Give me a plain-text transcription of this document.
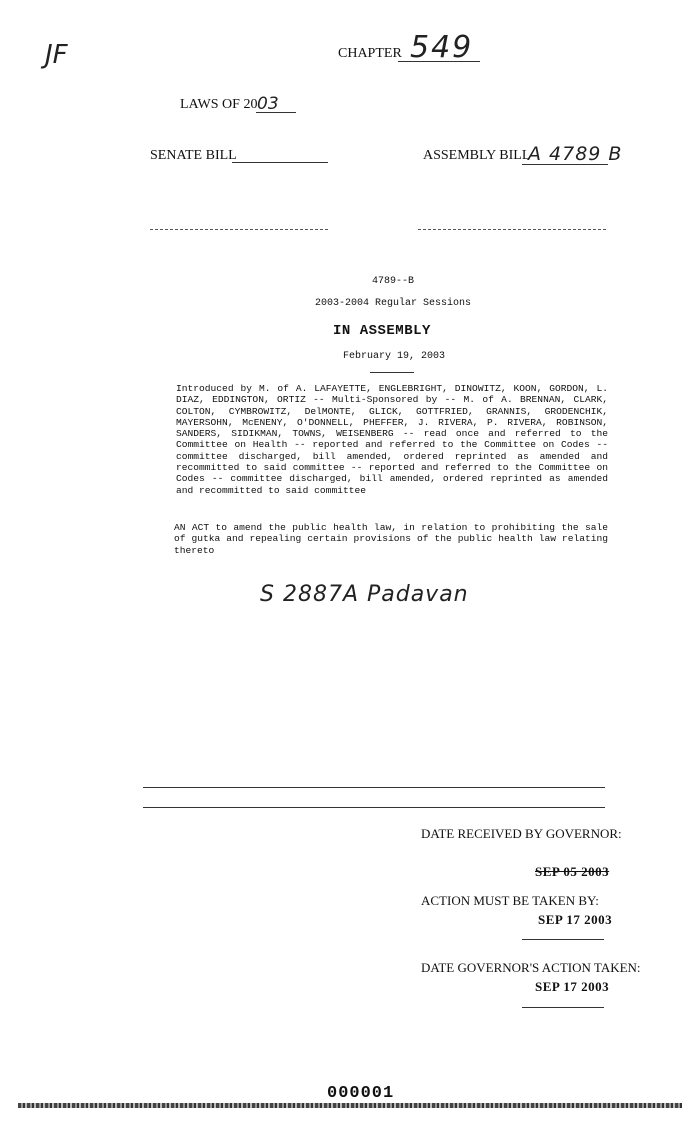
JF	CHAPTER 549
LAWS OF 20 03
SENATE BILL	ASSEMBLY BILL
A 4789 B
4789--B
2003-2004 Regular Sessions
IN ASSEMBLY
February 19, 2003
Introduced by M. of A. LAFAYETTE, ENGLEBRIGHT, DINOWITZ, KOON, GORDON, L. DIAZ, EDDINGTON, ORTIZ -- Multi-Sponsored by -- M. of A. BRENNAN, CLARK, COLTON, CYMBROWITZ, DelMONTE, GLICK, GOTTFRIED, GRANNIS, GRODENCHIK, MAYERSOHN, McENENY, O'DONNELL, PHEFFER, J. RIVERA, P. RIVERA, ROBINSON, SANDERS, SIDIKMAN, TOWNS, WEISENBERG -- read once and referred to the Committee on Health -- reported and referred to the Committee on Codes -- committee discharged, bill amended, ordered reprinted as amended and recommitted to said committee -- reported and referred to the Committee on Codes -- committee discharged, bill amended, ordered reprinted as amended and recommitted to said committee
AN ACT to amend the public health law, in relation to prohibiting the sale of gutka and repealing certain provisions of the public health law relating thereto
S 2887A Padavan
DATE RECEIVED BY GOVERNOR:
SEP 05 2003
ACTION MUST BE TAKEN BY:
SEP 17 2003
DATE GOVERNOR'S ACTION TAKEN:
SEP 17 2003
000001
